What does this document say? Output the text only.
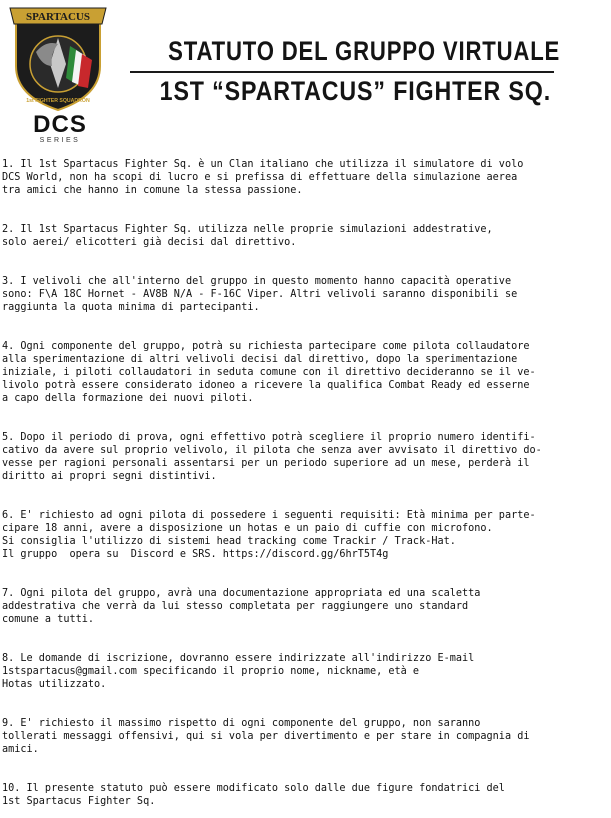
SPARTACUS
1st FIGHTER SQUADRON
DCS
SERIES
STATUTO DEL GRUPPO VIRTUALE
1ST “SPARTACUS” FIGHTER SQ.

1. Il 1st Spartacus Fighter Sq. è un Clan italiano che utilizza il simulatore di volo
DCS World, non ha scopi di lucro e si prefissa di effettuare della simulazione aerea
tra amici che hanno in comune la stessa passione.

2. Il 1st Spartacus Fighter Sq. utilizza nelle proprie simulazioni addestrative,
solo aerei/ elicotteri già decisi dal direttivo.

3. I velivoli che all'interno del gruppo in questo momento hanno capacità operative
sono: F\A 18C Hornet - AV8B N/A - F-16C Viper. Altri velivoli saranno disponibili se
raggiunta la quota minima di partecipanti.

4. Ogni componente del gruppo, potrà su richiesta partecipare come pilota collaudatore
alla sperimentazione di altri velivoli decisi dal direttivo, dopo la sperimentazione
iniziale, i piloti collaudatori in seduta comune con il direttivo decideranno se il ve-
livolo potrà essere considerato idoneo a ricevere la qualifica Combat Ready ed esserne
a capo della formazione dei nuovi piloti.

5. Dopo il periodo di prova, ogni effettivo potrà scegliere il proprio numero identifi-
cativo da avere sul proprio velivolo, il pilota che senza aver avvisato il direttivo do-
vesse per ragioni personali assentarsi per un periodo superiore ad un mese, perderà il
diritto ai propri segni distintivi.

6. E' richiesto ad ogni pilota di possedere i seguenti requisiti: Età minima per parte-
cipare 18 anni, avere a disposizione un hotas e un paio di cuffie con microfono.
Si consiglia l'utilizzo di sistemi head tracking come Trackir / Track-Hat.
Il gruppo  opera su  Discord e SRS. https://discord.gg/6hrT5T4g

7. Ogni pilota del gruppo, avrà una documentazione appropriata ed una scaletta
addestrativa che verrà da lui stesso completata per raggiungere uno standard
comune a tutti.

8. Le domande di iscrizione, dovranno essere indirizzate all'indirizzo E-mail
1stspartacus@gmail.com specificando il proprio nome, nickname, età e
Hotas utilizzato.

9. E' richiesto il massimo rispetto di ogni componente del gruppo, non saranno
tollerati messaggi offensivi, qui si vola per divertimento e per stare in compagnia di
amici.

10. Il presente statuto può essere modificato solo dalle due figure fondatrici del
1st Spartacus Fighter Sq.
